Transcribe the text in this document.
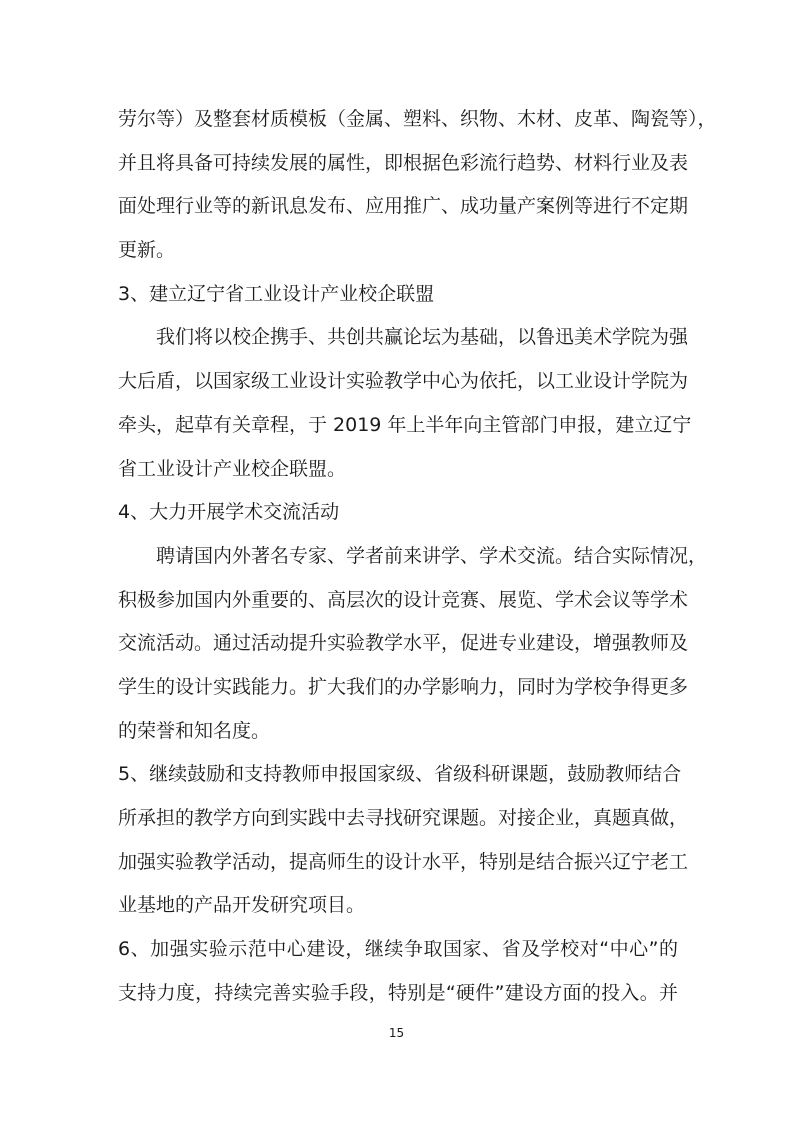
劳尔等）及整套材质模板（金属、塑料、织物、木材、皮革、陶瓷等），
并且将具备可持续发展的属性，即根据色彩流行趋势、材料行业及表
面处理行业等的新讯息发布、应用推广、成功量产案例等进行不定期
更新。
3、建立辽宁省工业设计产业校企联盟
我们将以校企携手、共创共赢论坛为基础，以鲁迅美术学院为强
大后盾，以国家级工业设计实验教学中心为依托，以工业设计学院为
牵头，起草有关章程，于 2019 年上半年向主管部门申报，建立辽宁
省工业设计产业校企联盟。
4、大力开展学术交流活动
聘请国内外著名专家、学者前来讲学、学术交流。结合实际情况，
积极参加国内外重要的、高层次的设计竞赛、展览、学术会议等学术
交流活动。通过活动提升实验教学水平，促进专业建设，增强教师及
学生的设计实践能力。扩大我们的办学影响力，同时为学校争得更多
的荣誉和知名度。
5、继续鼓励和支持教师申报国家级、省级科研课题，鼓励教师结合
所承担的教学方向到实践中去寻找研究课题。对接企业，真题真做，
加强实验教学活动，提高师生的设计水平，特别是结合振兴辽宁老工
业基地的产品开发研究项目。
6、加强实验示范中心建设，继续争取国家、省及学校对“中心”的
支持力度，持续完善实验手段，特别是“硬件”建设方面的投入。并
15
